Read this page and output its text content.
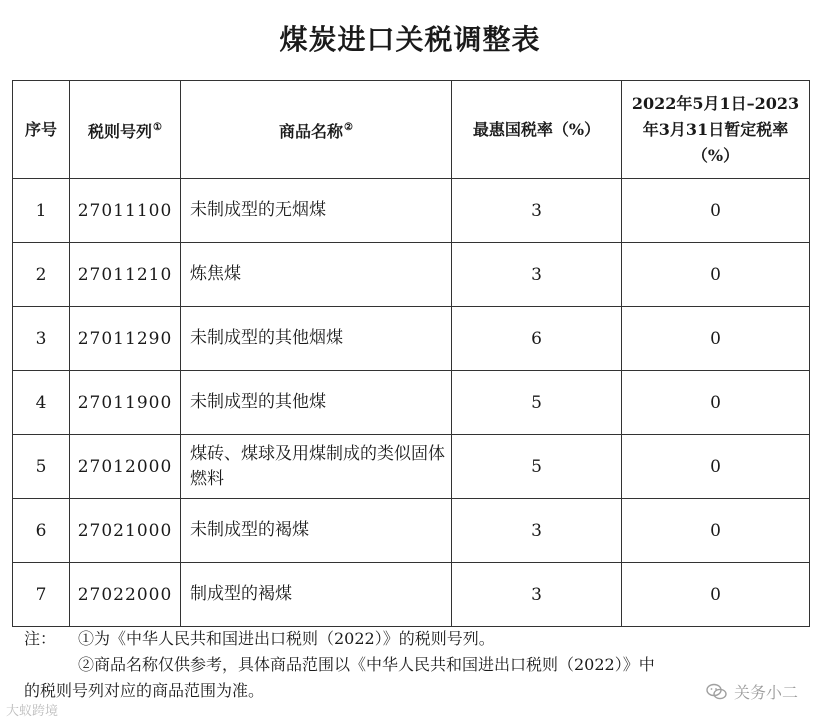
煤炭进口关税调整表
序号	税则号列①	商品名称②	最惠国税率（%）	2022年5月1日–2023
年3月31日暂定税率
（%）

1	27011100	未制成型的无烟煤	3	0
2	27011210	炼焦煤	3	0
3	27011290	未制成型的其他烟煤	6	0
4	27011900	未制成型的其他煤	5	0
5	27012000	煤砖、煤球及用煤制成的类似固体燃料	5	0
6	27021000	未制成型的褐煤	3	0
7	27022000	制成型的褐煤	3	0
注： ①为《中华人民共和国进出口税则（2022）》的税则号列。
②商品名称仅供参考，具体商品范围以《中华人民共和国进出口税则（2022）》中
的税则号列对应的商品范围为准。
大蚁跨境
关务小二
